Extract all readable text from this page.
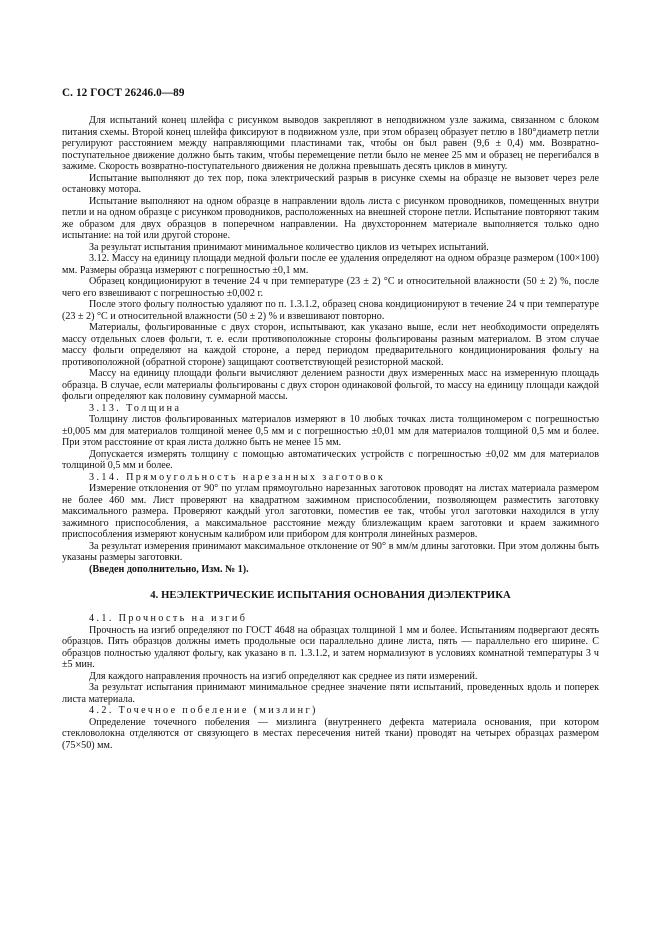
С. 12 ГОСТ 26246.0—89

Для испытаний конец шлейфа с рисунком выводов закрепляют в неподвижном узле зажима, связанном с блоком питания схемы. Второй конец шлейфа фиксируют в подвижном узле, при этом образец образует петлю в 180°диаметр петли регулируют расстоянием между направляющими пластинами так, чтобы он был равен (9,6 ± 0,4) мм. Возвратно-поступательное движение должно быть таким, чтобы перемещение петли было не менее 25 мм и образец не перегибался в зажиме. Скорость возвратно-поступательного движения не должна превышать десять циклов в минуту.

Испытание выполняют до тех пор, пока электрический разрыв в рисунке схемы на образце не вызовет через реле остановку мотора.

Испытание выполняют на одном образце в направлении вдоль листа с рисунком проводников, помещенных внутри петли и на одном образце с рисунком проводников, расположенных на внешней стороне петли. Испытание повторяют таким же образом для двух образцов в поперечном направлении. На двухстороннем материале выполняется только одно испытание: на той или другой стороне.

За результат испытания принимают минимальное количество циклов из четырех испытаний.

3.12. Массу на единицу площади медной фольги после ее удаления определяют на одном образце размером (100×100) мм. Размеры образца измеряют с погрешностью ±0,1 мм.

Образец кондиционируют в течение 24 ч при температуре (23 ± 2) °С и относительной влажности (50 ± 2) %, после чего его взвешивают с погрешностью ±0,002 г.

После этого фольгу полностью удаляют по п. 1.3.1.2, образец снова кондиционируют в течение 24 ч при температуре (23 ± 2) °С и относительной влажности (50 ± 2) % и взвешивают повторно.

Материалы, фольгированные с двух сторон, испытывают, как указано выше, если нет необходимости определять массу отдельных слоев фольги, т. е. если противоположные стороны фольгированы разным материалом. В этом случае массу фольги определяют на каждой стороне, а перед периодом предварительного кондиционирования фольгу на противоположной (обратной стороне) защищают соответствующей резисторной маской.

Массу на единицу площади фольги вычисляют делением разности двух измеренных масс на измеренную площадь образца. В случае, если материалы фольгированы с двух сторон одинаковой фольгой, то массу на единицу площади каждой фольги определяют как половину суммарной массы.

3.13. Толщина

Толщину листов фольгированных материалов измеряют в 10 любых точках листа толщиномером с погрешностью ±0,005 мм для материалов толщиной менее 0,5 мм и с погрешностью ±0,01 мм для материалов толщиной 0,5 мм и более. При этом расстояние от края листа должно быть не менее 15 мм.

Допускается измерять толщину с помощью автоматических устройств с погрешностью ±0,02 мм для материалов толщиной 0,5 мм и более.

3.14. Прямоугольность нарезанных заготовок

Измерение отклонения от 90° по углам прямоугольно нарезанных заготовок проводят на листах материала размером не более 460 мм. Лист проверяют на квадратном зажимном приспособлении, позволяющем разместить заготовку максимального размера. Проверяют каждый угол заготовки, поместив ее так, чтобы угол заготовки находился в углу зажимного приспособления, а максимальное расстояние между близлежащим краем заготовки и краем зажимного приспособления измеряют конусным калибром или прибором для контроля линейных размеров.

За результат измерения принимают максимальное отклонение от 90° в мм/м длины заготовки. При этом должны быть указаны размеры заготовки.

(Введен дополнительно, Изм. № 1).

4. НЕЭЛЕКТРИЧЕСКИЕ ИСПЫТАНИЯ ОСНОВАНИЯ ДИЭЛЕКТРИКА

4.1. Прочность на изгиб

Прочность на изгиб определяют по ГОСТ 4648 на образцах толщиной 1 мм и более. Испытаниям подвергают десять образцов. Пять образцов должны иметь продольные оси параллельно длине листа, пять — параллельно его ширине. С образцов полностью удаляют фольгу, как указано в п. 1.3.1.2, и затем нормализуют в условиях комнатной температуры 3 ч ±5 мин.

Для каждого направления прочность на изгиб определяют как среднее из пяти измерений.

За результат испытания принимают минимальное среднее значение пяти испытаний, проведенных вдоль и поперек листа материала.

4.2. Точечное побеление (мизлинг)

Определение точечного побеления — мизлинга (внутреннего дефекта материала основания, при котором стекловолокна отделяются от связующего в местах пересечения нитей ткани) проводят на четырех образцах размером (75×50) мм.
